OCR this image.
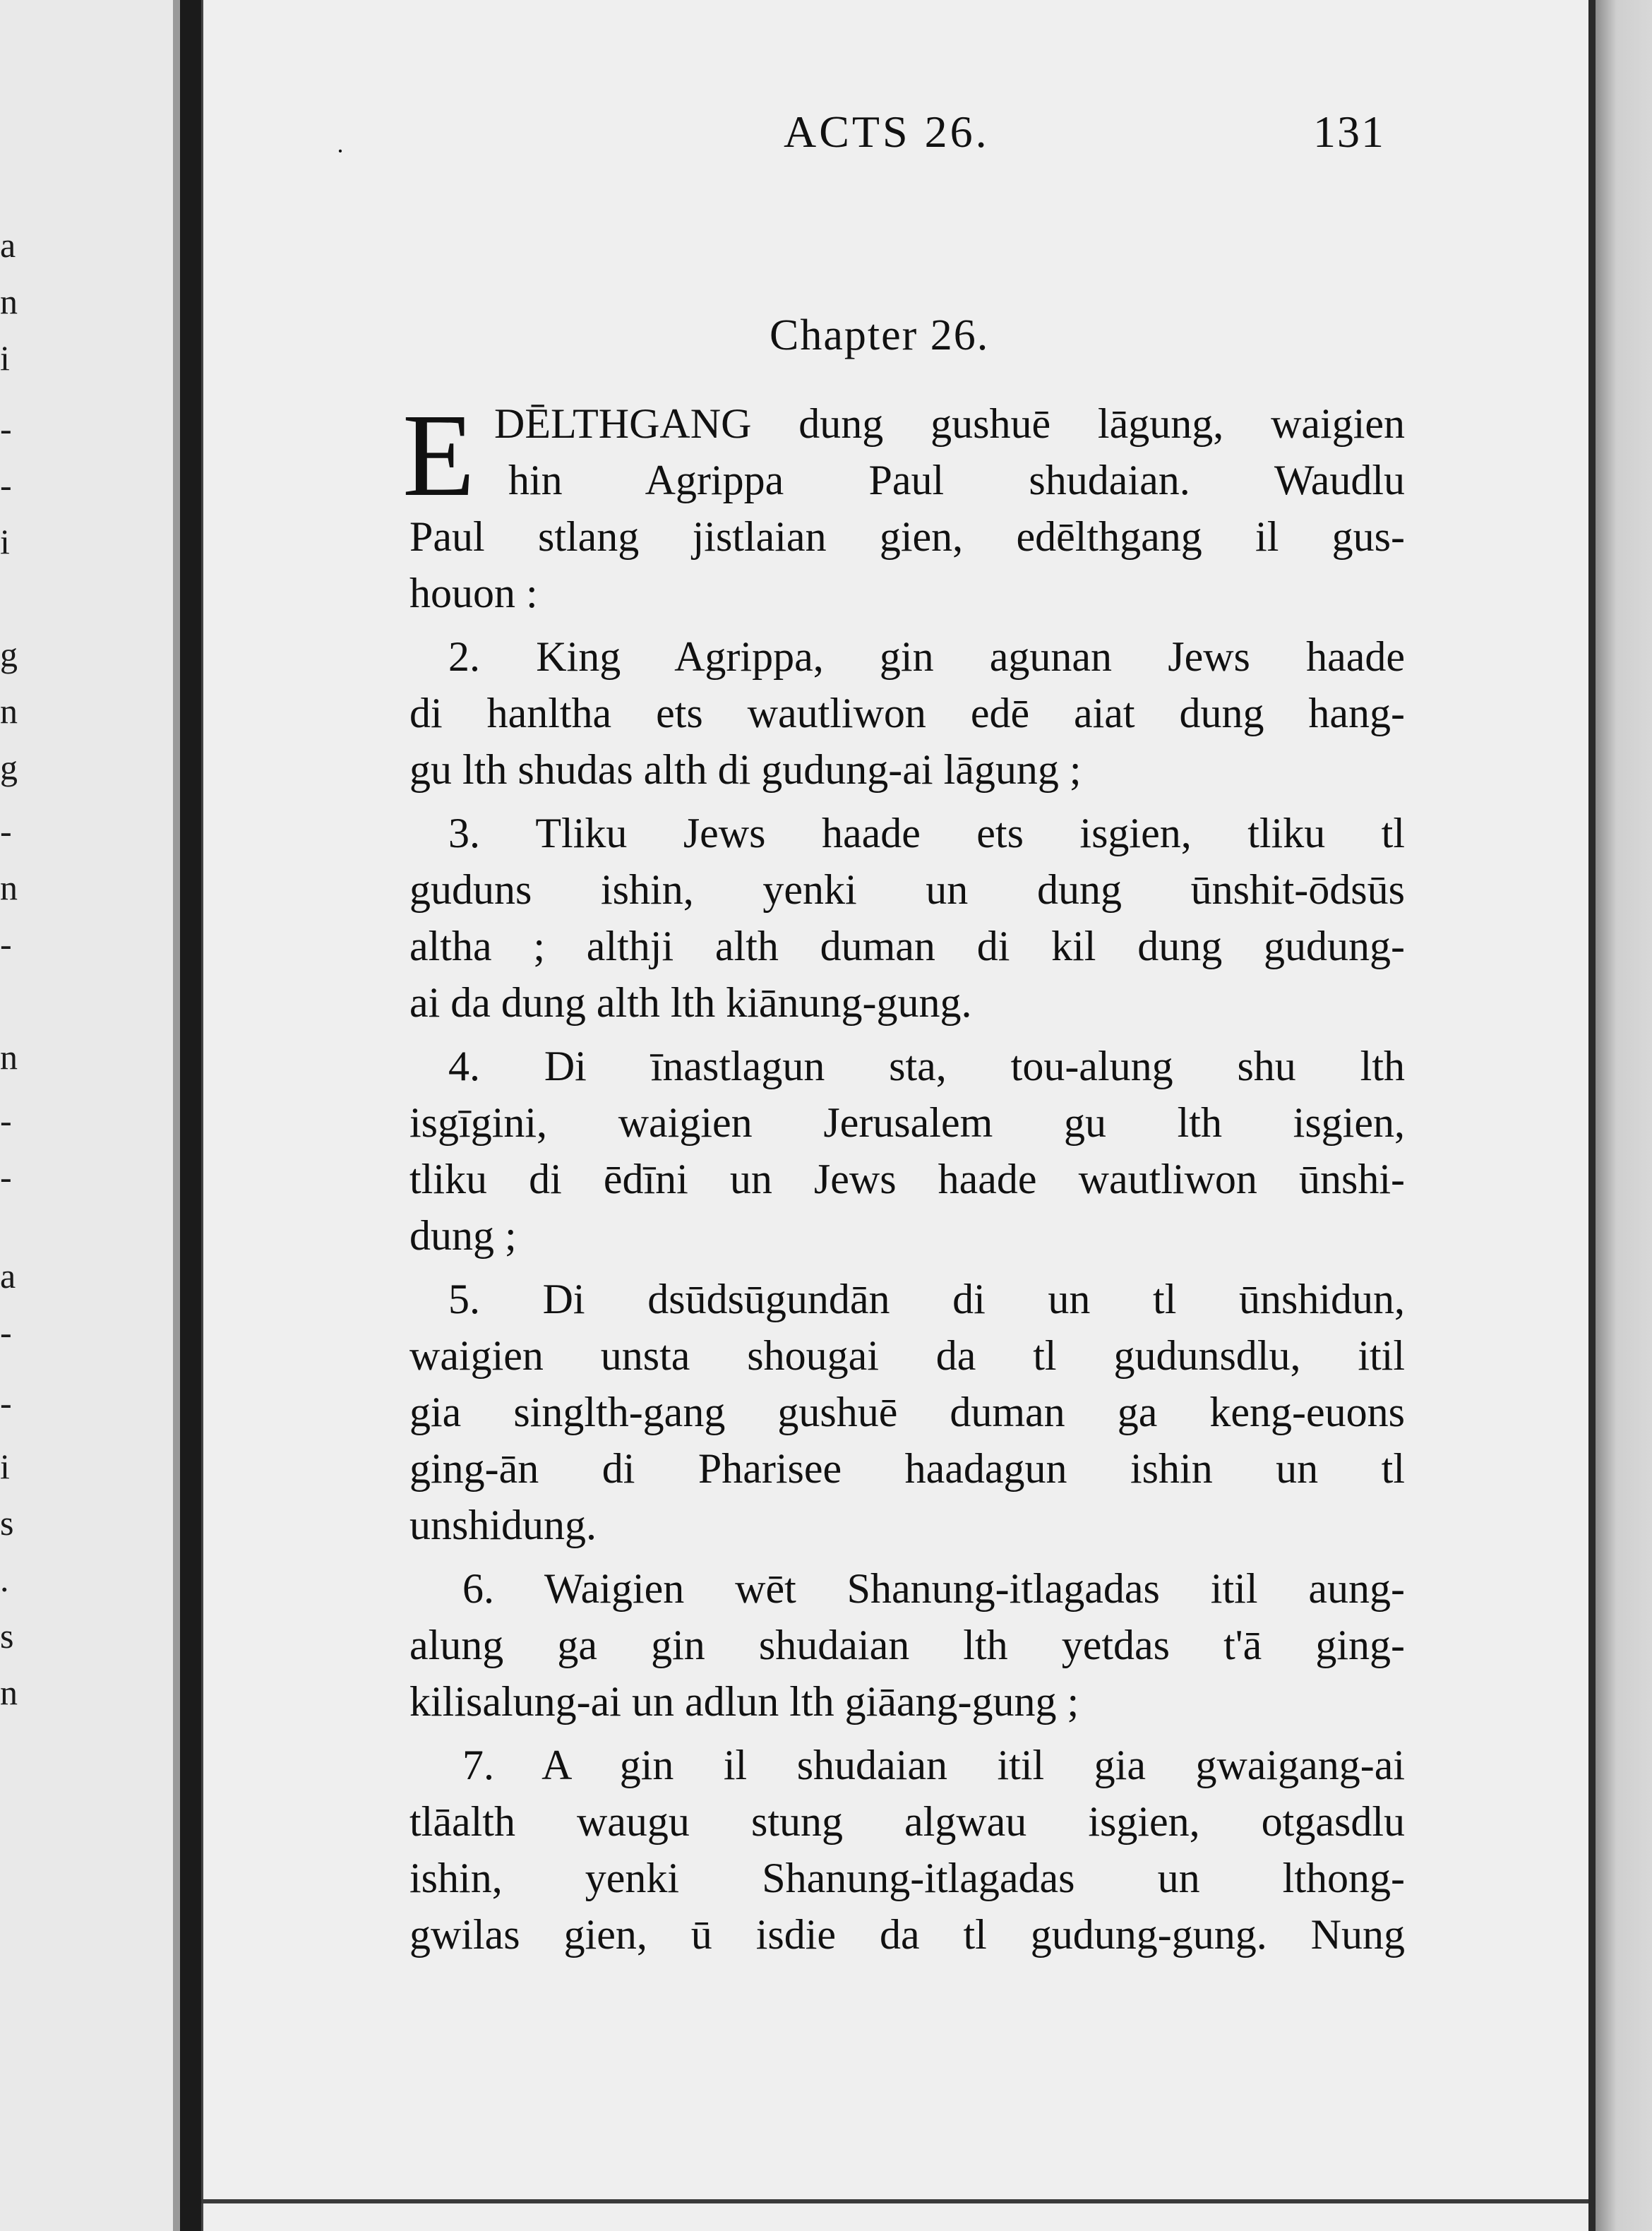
a
n
i
-
-
i
g
n
g
-
n
-
n
-
-
a
-
-
i
s
.
s
n
·	ACTS 26.	131
Chapter 26.
E DĒLTHGANG dung gushuē lāgung, waigien
hin Agrippa Paul shudaian. Waudlu
Paul stlang jistlaian gien, edēlthgang il gus-
houon :
2. King Agrippa, gin agunan Jews haade
di hanltha ets wautliwon edē aiat dung hang-
gu lth shudas alth di gudung-ai lāgung ;
3. Tliku Jews haade ets isgien, tliku tl
guduns ishin, yenki un dung ūnshit-ōdsūs
altha ; althji alth duman di kil dung gudung-
ai da dung alth lth kiānung-gung.
4. Di īnastlagun sta, tou-alung shu lth
isgīgini, waigien Jerusalem gu lth isgien,
tliku di ēdīni un Jews haade wautliwon ūnshi-
dung ;
5. Di dsūdsūgundān di un tl ūnshidun,
waigien unsta shougai da tl gudunsdlu, itil
gia singlth-gang gushuē duman ga keng-euons
ging-ān di Pharisee haadagun ishin un tl
unshidung.
6. Waigien wēt Shanung-itlagadas itil aung-
alung ga gin shudaian lth yetdas t'ā ging-
kilisalung-ai un adlun lth giāang-gung ;
7. A gin il shudaian itil gia gwaigang-ai
tlāalth waugu stung algwau isgien, otgasdlu
ishin, yenki Shanung-itlagadas un lthong-
gwilas gien, ū isdie da tl gudung-gung. Nung
